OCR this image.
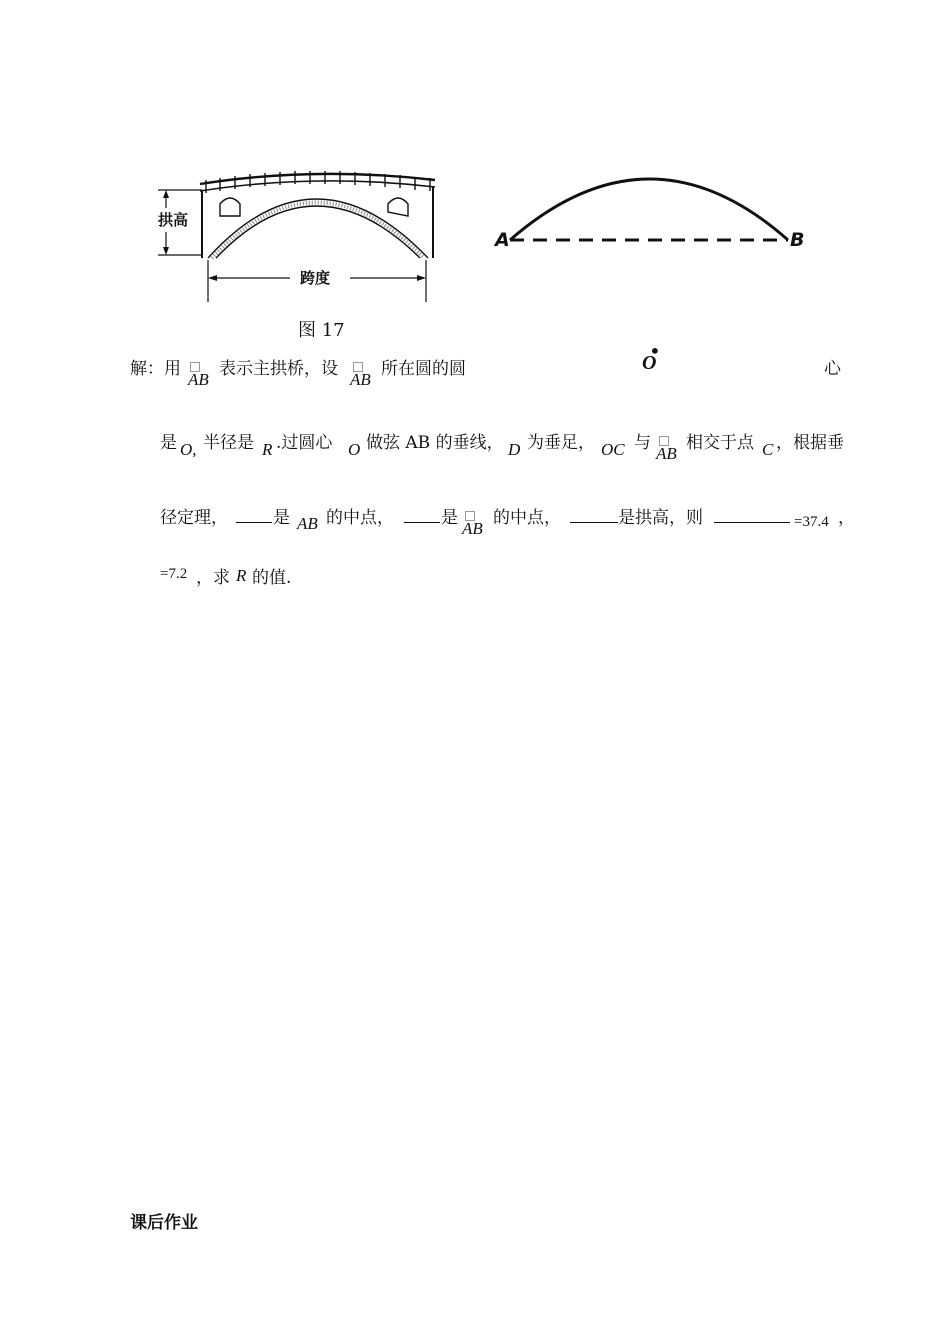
拱高
跨度
A	B
图 17
•
O
解：用
AB
表示主拱桥，设
AB
所在圆的圆	心
是 O, 半径是 R .过圆心 O 做弦 AB 的垂线， D 为垂足， OC 与
AB
相交于点 C ，根据垂
径定理，	是 AB 的中点，	是
AB
的中点，	是拱高，则	=37.4 ，
=7.2 ，求 R 的值.
课后作业
